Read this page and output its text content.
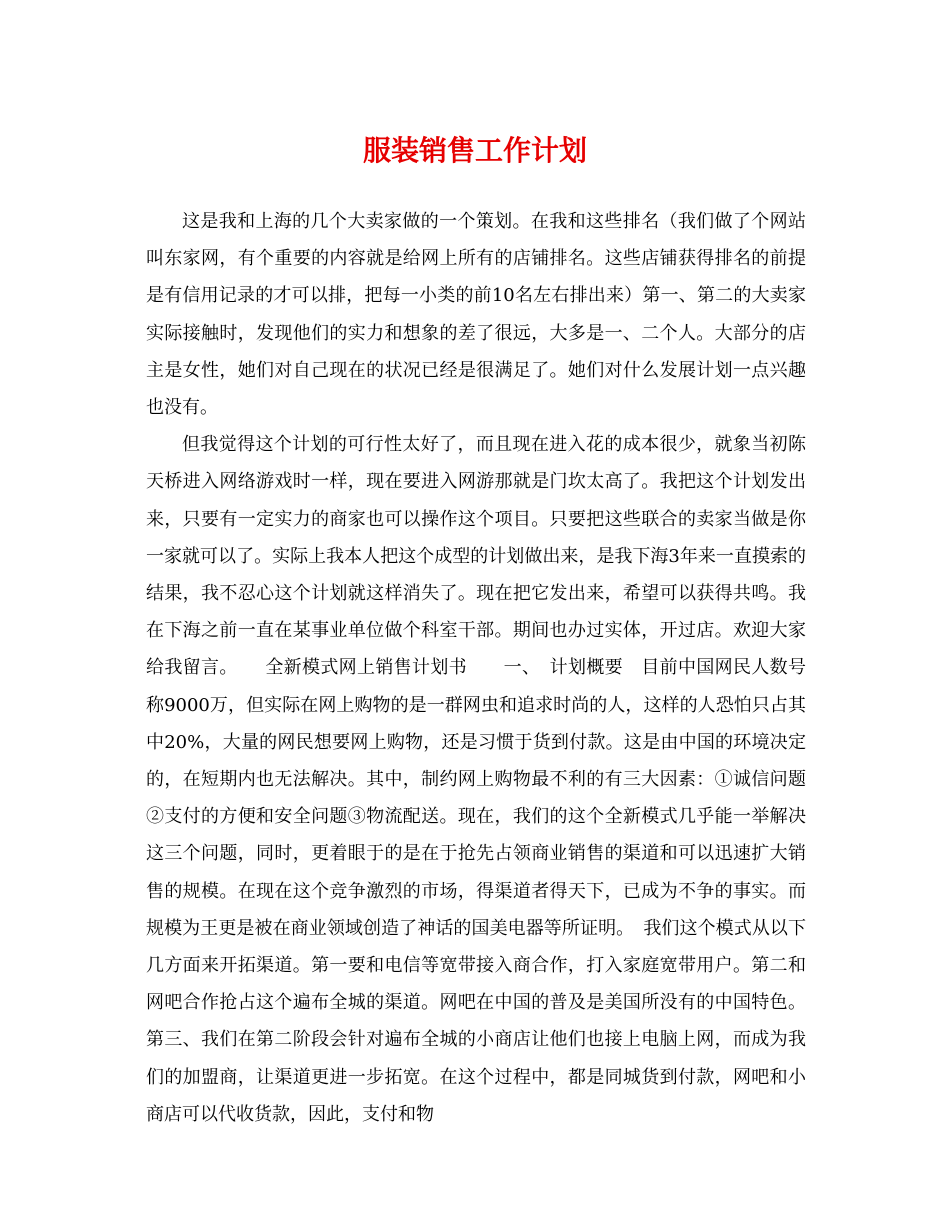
服装销售工作计划

这是我和上海的几个大卖家做的一个策划。在我和这些排名（我们做了个网站叫东家网，有个重要的内容就是给网上所有的店铺排名。这些店铺获得排名的前提是有信用记录的才可以排，把每一小类的前10名左右排出来）第一、第二的大卖家实际接触时，发现他们的实力和想象的差了很远，大多是一、二个人。大部分的店主是女性，她们对自己现在的状况已经是很满足了。她们对什么发展计划一点兴趣也没有。

但我觉得这个计划的可行性太好了，而且现在进入花的成本很少，就象当初陈天桥进入网络游戏时一样，现在要进入网游那就是门坎太高了。我把这个计划发出来，只要有一定实力的商家也可以操作这个项目。只要把这些联合的卖家当做是你一家就可以了。实际上我本人把这个成型的计划做出来，是我下海3年来一直摸索的结果，我不忍心这个计划就这样消失了。现在把它发出来，希望可以获得共鸣。我在下海之前一直在某事业单位做个科室干部。期间也办过实体，开过店。欢迎大家给我留言。　　全新模式网上销售计划书　　一、　计划概要　目前中国网民人数号称9000万，但实际在网上购物的是一群网虫和追求时尚的人，这样的人恐怕只占其中20%，大量的网民想要网上购物，还是习惯于货到付款。这是由中国的环境决定的，在短期内也无法解决。其中，制约网上购物最不利的有三大因素：①诚信问题②支付的方便和安全问题③物流配送。现在，我们的这个全新模式几乎能一举解决这三个问题，同时，更着眼于的是在于抢先占领商业销售的渠道和可以迅速扩大销售的规模。在现在这个竞争激烈的市场，得渠道者得天下，已成为不争的事实。而规模为王更是被在商业领域创造了神话的国美电器等所证明。　我们这个模式从以下几方面来开拓渠道。第一要和电信等宽带接入商合作，打入家庭宽带用户。第二和网吧合作抢占这个遍布全城的渠道。网吧在中国的普及是美国所没有的中国特色。第三、我们在第二阶段会针对遍布全城的小商店让他们也接上电脑上网，而成为我们的加盟商，让渠道更进一步拓宽。在这个过程中，都是同城货到付款，网吧和小商店可以代收货款，因此，支付和物
